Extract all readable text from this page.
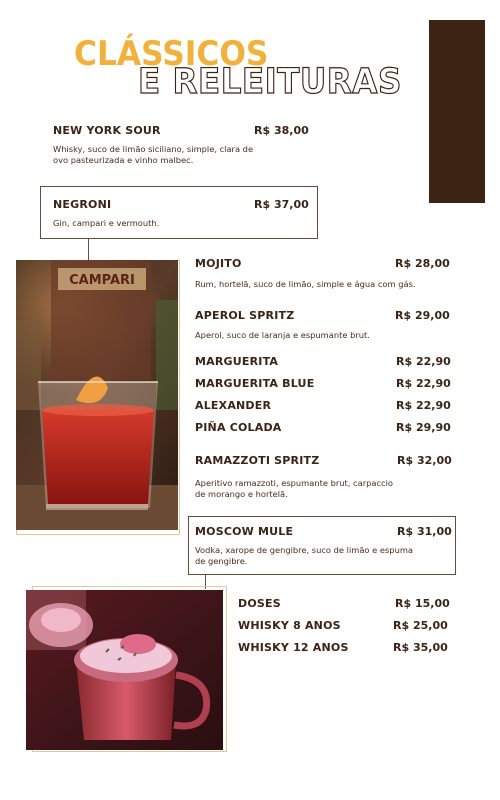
CLÁSSICOS
E RELEITURAS
NEW YORK SOUR	R$ 38,00
Whisky, suco de limão siciliano, simple, clara de
ovo pasteurizada e vinho malbec.
NEGRONI	R$ 37,00
Gin, campari e vermouth.
CAMPARI
MOJITO	R$ 28,00
Rum, hortelã, suco de limão, simple e água com gás.
APEROL SPRITZ	R$ 29,00
Aperol, suco de laranja e espumante brut.
MARGUERITA	R$ 22,90
MARGUERITA BLUE	R$ 22,90
ALEXANDER	R$ 22,90
PIÑA COLADA	R$ 29,90
RAMAZZOTI SPRITZ	R$ 32,00
Aperitivo ramazzoti, espumante brut, carpaccio
de morango e hortelã.
MOSCOW MULE	R$ 31,00
Vodka, xarope de gengibre, suco de limão e espuma
de gengibre.
DOSES	R$ 15,00
WHISKY 8 ANOS	R$ 25,00
WHISKY 12 ANOS	R$ 35,00
